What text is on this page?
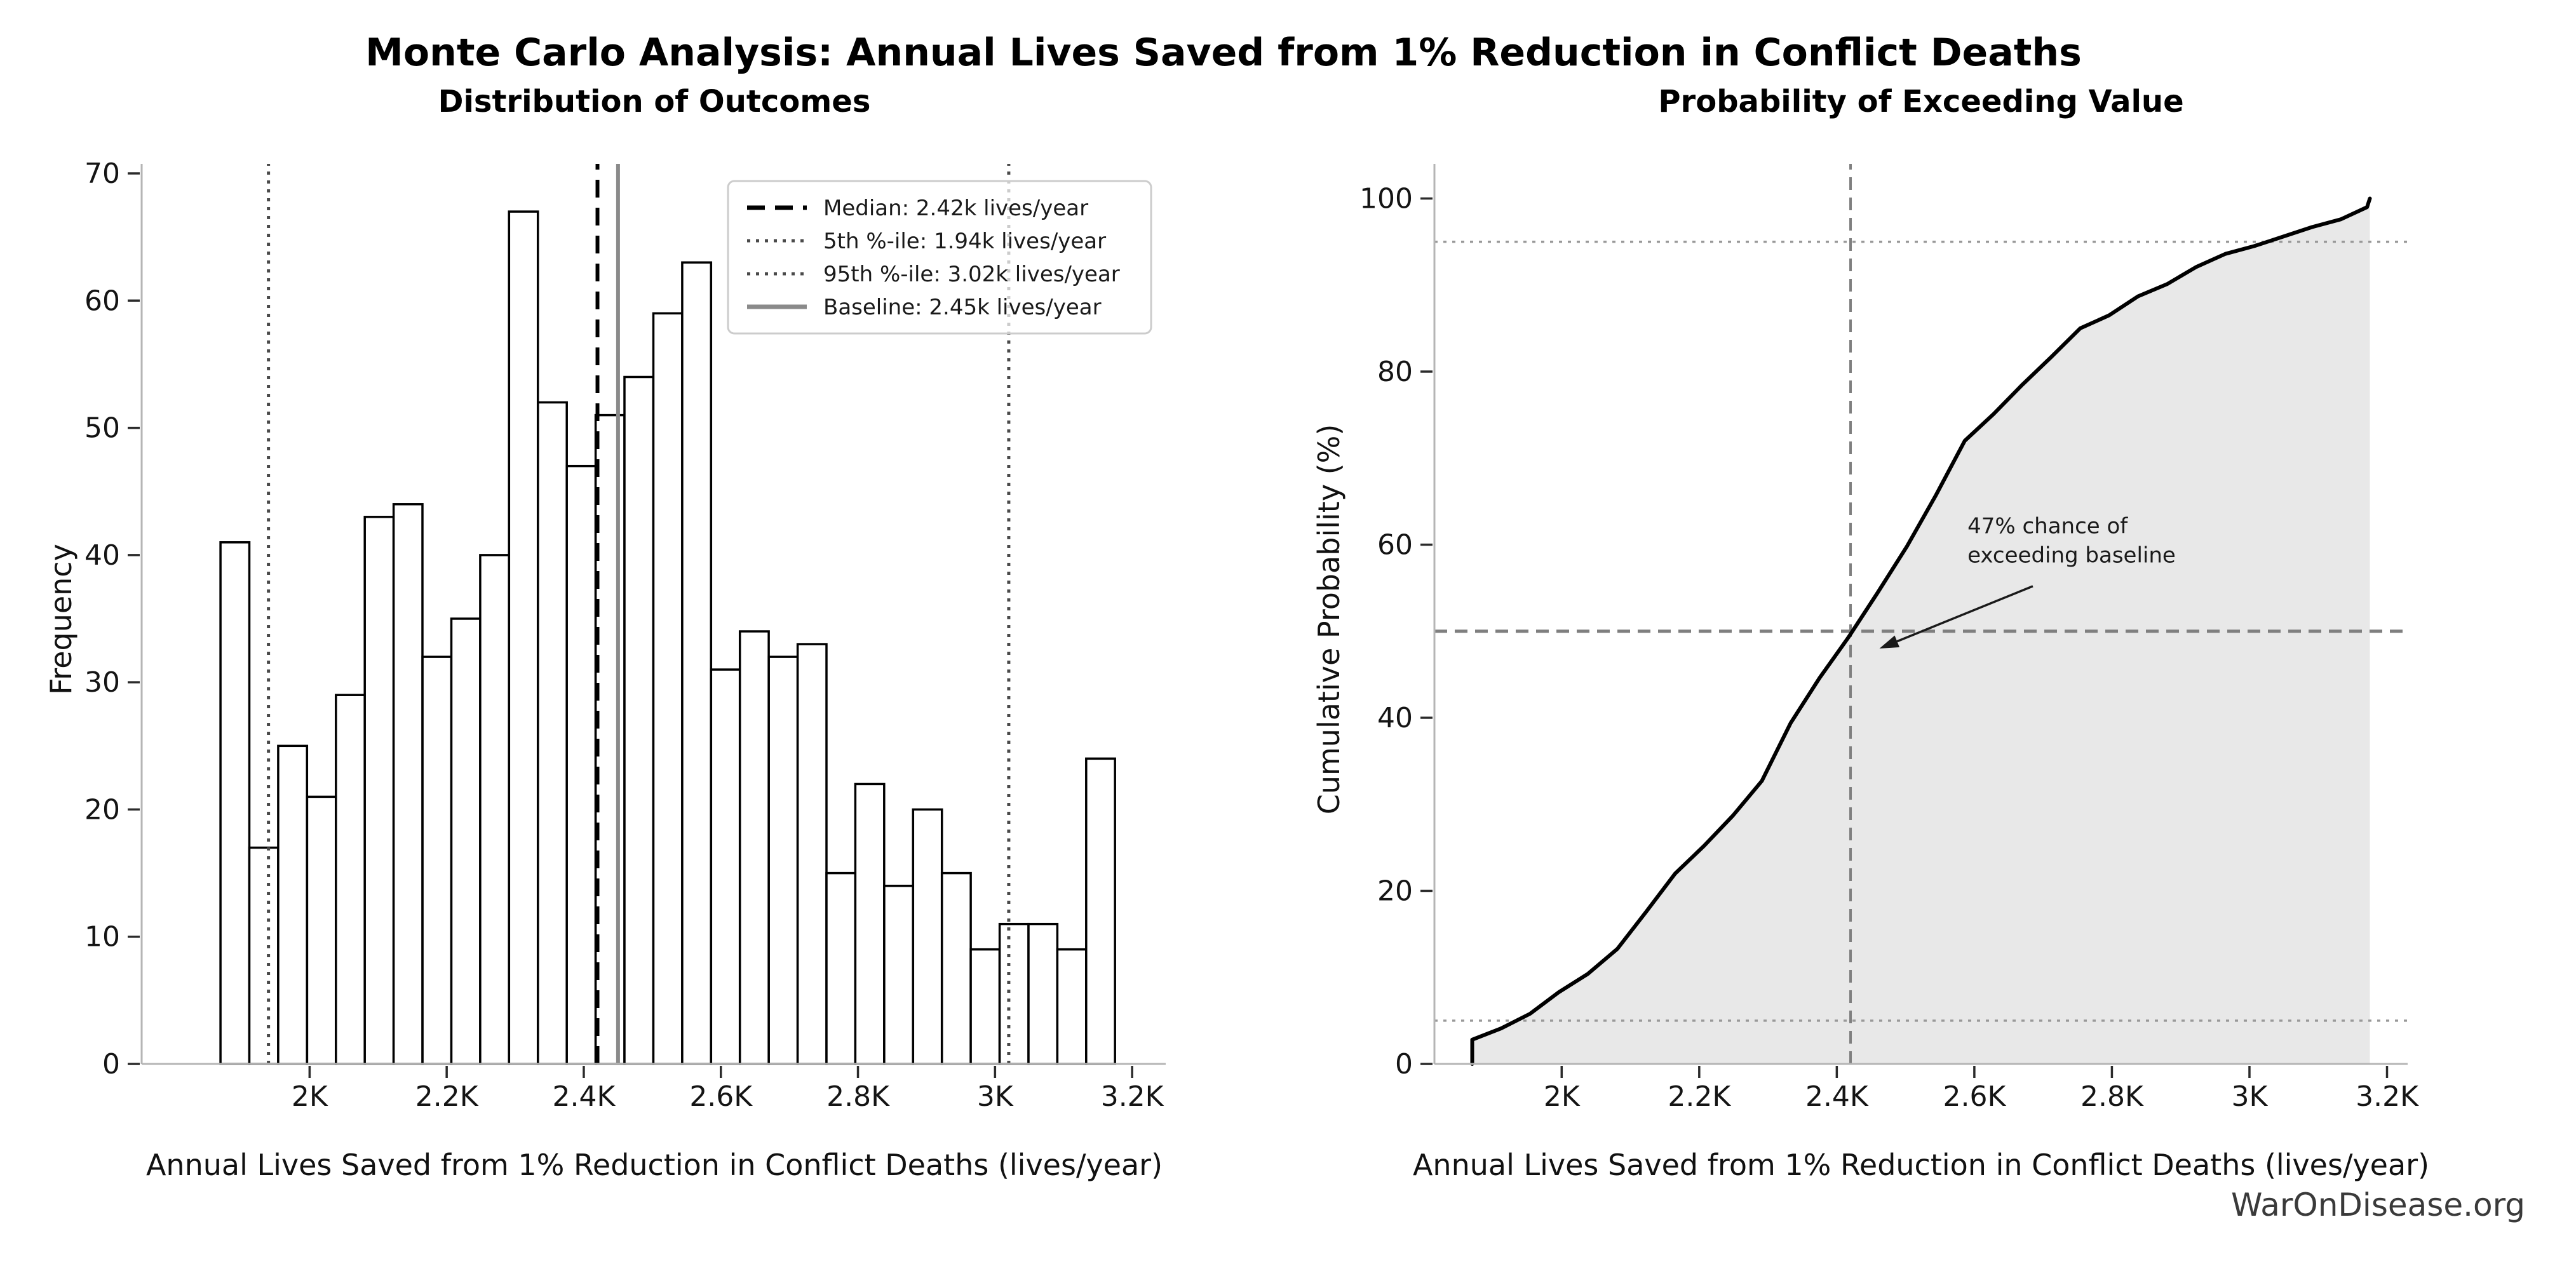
2K	2.2K	2.4K	2.6K	2.8K	3K	3.2K
0
10
20
30
40
50
60
70
Median: 2.42k lives/year
5th %-ile: 1.94k lives/year
95th %-ile: 3.02k lives/year
Baseline: 2.45k lives/year
2K	2.2K	2.4K	2.6K	2.8K	3K	3.2K
0
20
40
60
80
100
Monte Carlo Analysis: Annual Lives Saved from 1% Reduction in Conflict Deaths
Distribution of Outcomes	Probability of Exceeding Value
Annual Lives Saved from 1% Reduction in Conflict Deaths (lives/year)	Annual Lives Saved from 1% Reduction in Conflict Deaths (lives/year)
Frequency	Cumulative Probability (%)	47% chance of
exceeding baseline
WarOnDisease.org
